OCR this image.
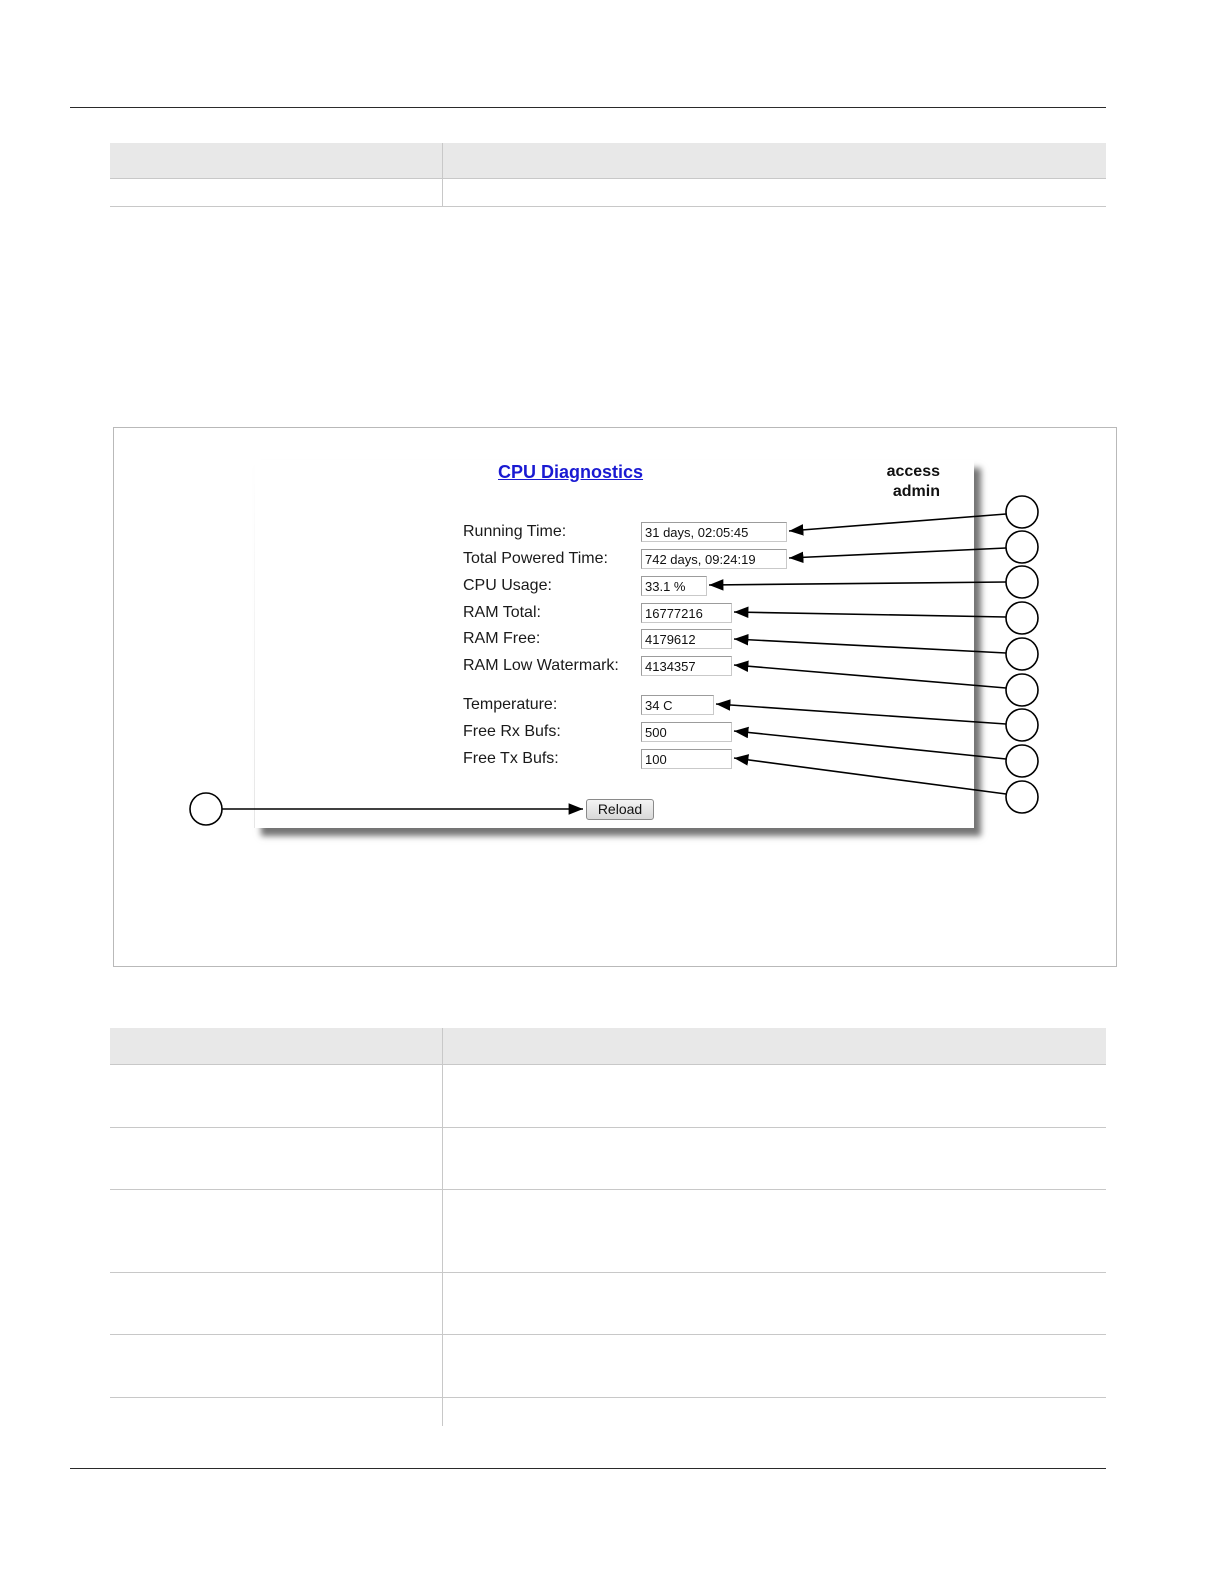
CPU Diagnostics	access
admin
Running Time:	31 days, 02:05:45
Total Powered Time:	742 days, 09:24:19
CPU Usage:	33.1 %
RAM Total:	16777216
RAM Free:	4179612
RAM Low Watermark:	4134357
Temperature:	34 C
Free Rx Bufs:	500
Free Tx Bufs:	100
Reload
